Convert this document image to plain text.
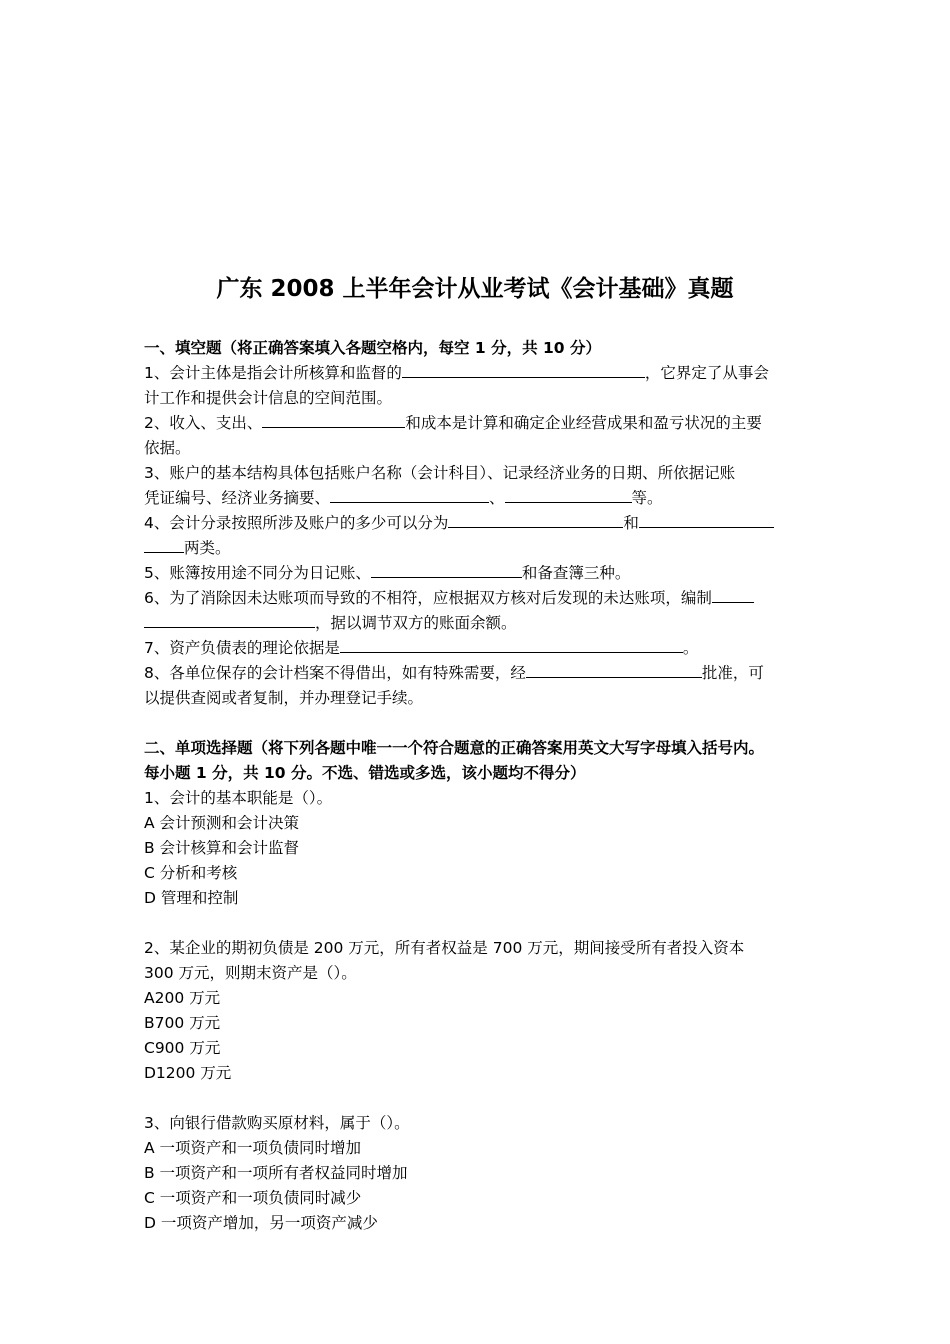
广东 2008 上半年会计从业考试《会计基础》真题
一、填空题（将正确答案填入各题空格内，每空 1 分，共 10 分）
1、会计主体是指会计所核算和监督的	，它界定了从事会
计工作和提供会计信息的空间范围。
2、收入、支出、	和成本是计算和确定企业经营成果和盈亏状况的主要
依据。
3、账户的基本结构具体包括账户名称（会计科目）、记录经济业务的日期、所依据记账
凭证编号、经济业务摘要、	、	等。
4、会计分录按照所涉及账户的多少可以分为	和
两类。
5、账簿按用途不同分为日记账、	和备查簿三种。
6、为了消除因未达账项而导致的不相符，应根据双方核对后发现的未达账项，编制
，据以调节双方的账面余额。
7、资产负债表的理论依据是	。
8、各单位保存的会计档案不得借出，如有特殊需要，经	批准，可
以提供查阅或者复制，并办理登记手续。
二、单项选择题（将下列各题中唯一一个符合题意的正确答案用英文大写字母填入括号内。
每小题 1 分，共 10 分。不选、错选或多选，该小题均不得分）
1、会计的基本职能是（）。
A 会计预测和会计决策
B 会计核算和会计监督
C 分析和考核
D 管理和控制
2、某企业的期初负债是 200 万元，所有者权益是 700 万元，期间接受所有者投入资本
300 万元，则期末资产是（）。
A200 万元
B700 万元
C900 万元
D1200 万元
3、向银行借款购买原材料，属于（）。
A 一项资产和一项负债同时增加
B 一项资产和一项所有者权益同时增加
C 一项资产和一项负债同时减少
D 一项资产增加，另一项资产减少
